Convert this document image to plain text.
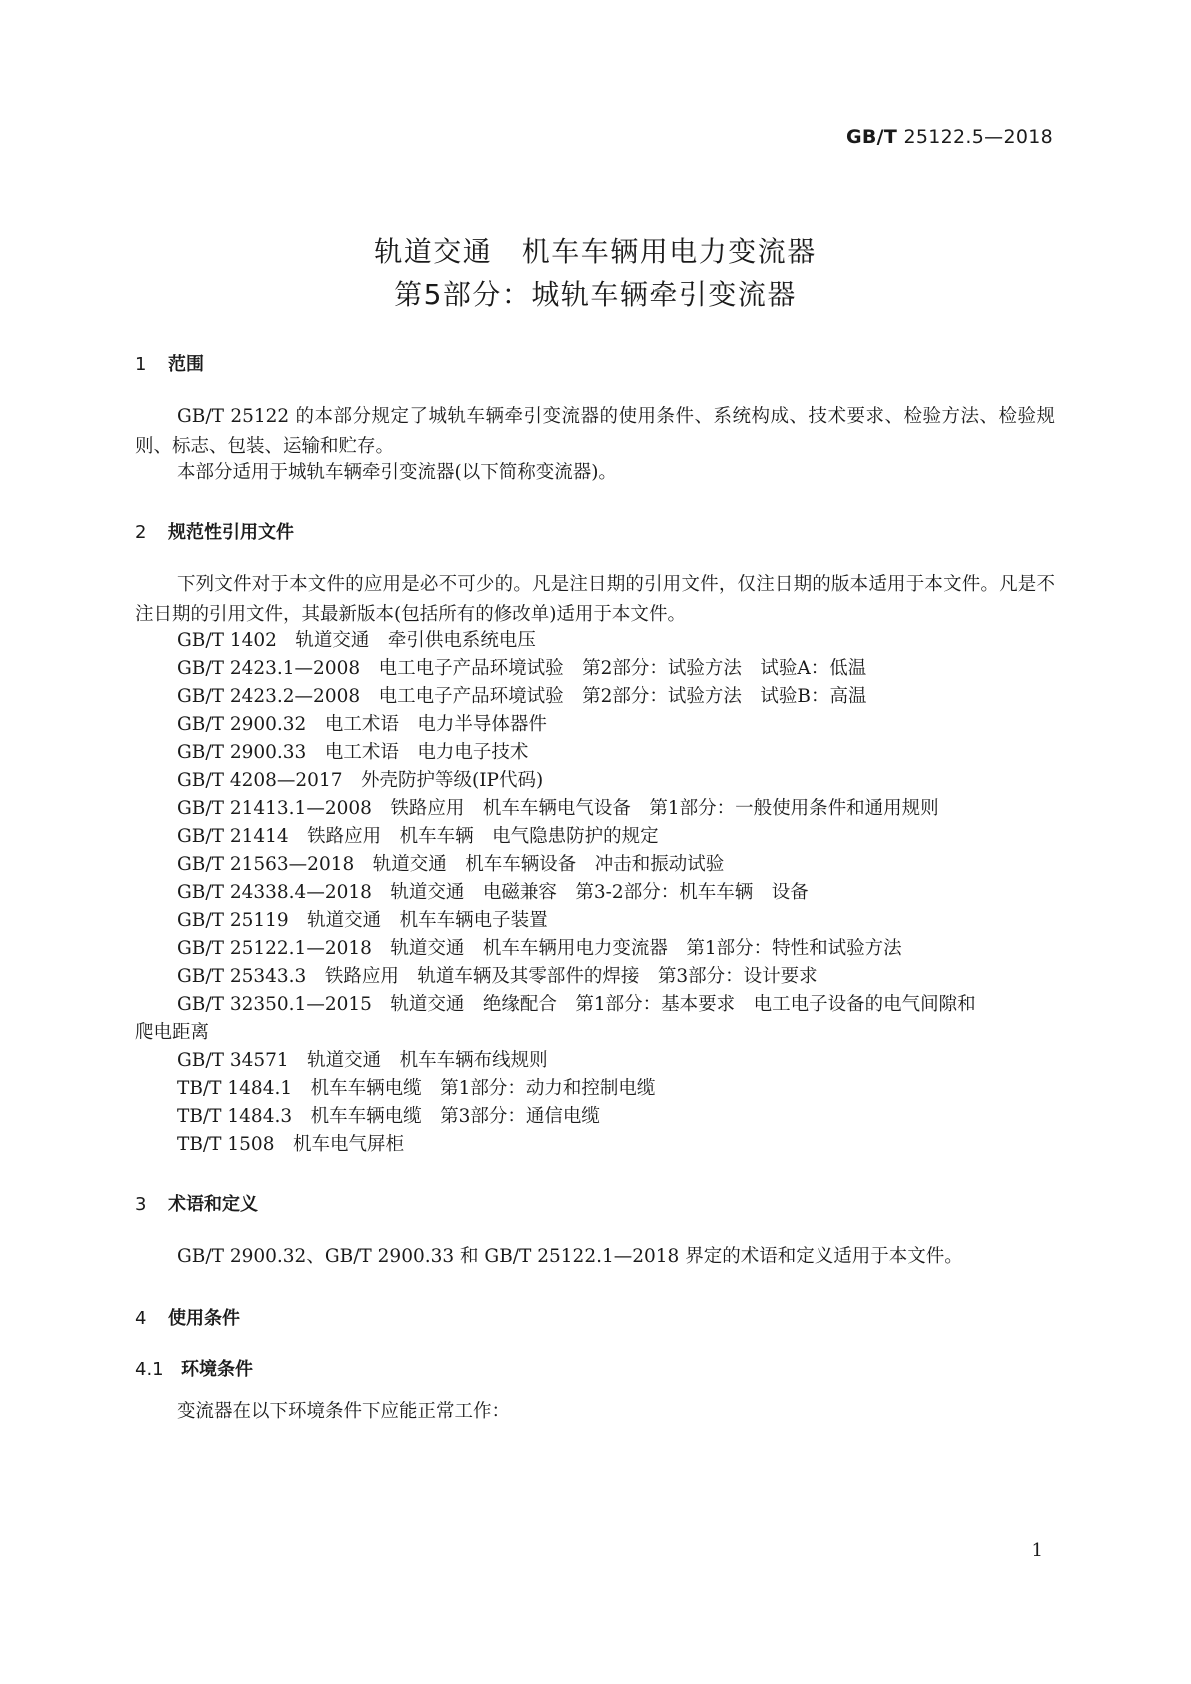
GB/T 25122.5—2018
轨道交通　机车车辆用电力变流器
第5部分：城轨车辆牵引变流器
1 范围
GB/T 25122 的本部分规定了城轨车辆牵引变流器的使用条件、系统构成、技术要求、检验方法、检验规则、标志、包装、运输和贮存。
本部分适用于城轨车辆牵引变流器(以下简称变流器)。
2 规范性引用文件
下列文件对于本文件的应用是必不可少的。凡是注日期的引用文件，仅注日期的版本适用于本文件。凡是不注日期的引用文件，其最新版本(包括所有的修改单)适用于本文件。
GB/T 1402　轨道交通　牵引供电系统电压
GB/T 2423.1—2008　电工电子产品环境试验　第2部分：试验方法　试验A：低温
GB/T 2423.2—2008　电工电子产品环境试验　第2部分：试验方法　试验B：高温
GB/T 2900.32　电工术语　电力半导体器件
GB/T 2900.33　电工术语　电力电子技术
GB/T 4208—2017　外壳防护等级(IP代码)
GB/T 21413.1—2008　铁路应用　机车车辆电气设备　第1部分：一般使用条件和通用规则
GB/T 21414　铁路应用　机车车辆　电气隐患防护的规定
GB/T 21563—2018　轨道交通　机车车辆设备　冲击和振动试验
GB/T 24338.4—2018　轨道交通　电磁兼容　第3-2部分：机车车辆　设备
GB/T 25119　轨道交通　机车车辆电子装置
GB/T 25122.1—2018　轨道交通　机车车辆用电力变流器　第1部分：特性和试验方法
GB/T 25343.3　铁路应用　轨道车辆及其零部件的焊接　第3部分：设计要求
GB/T 32350.1—2015　轨道交通　绝缘配合　第1部分：基本要求　电工电子设备的电气间隙和
爬电距离
GB/T 34571　轨道交通　机车车辆布线规则
TB/T 1484.1　机车车辆电缆　第1部分：动力和控制电缆
TB/T 1484.3　机车车辆电缆　第3部分：通信电缆
TB/T 1508　机车电气屏柜
3 术语和定义
GB/T 2900.32、GB/T 2900.33 和 GB/T 25122.1—2018 界定的术语和定义适用于本文件。
4 使用条件
4.1 环境条件
变流器在以下环境条件下应能正常工作：
1
